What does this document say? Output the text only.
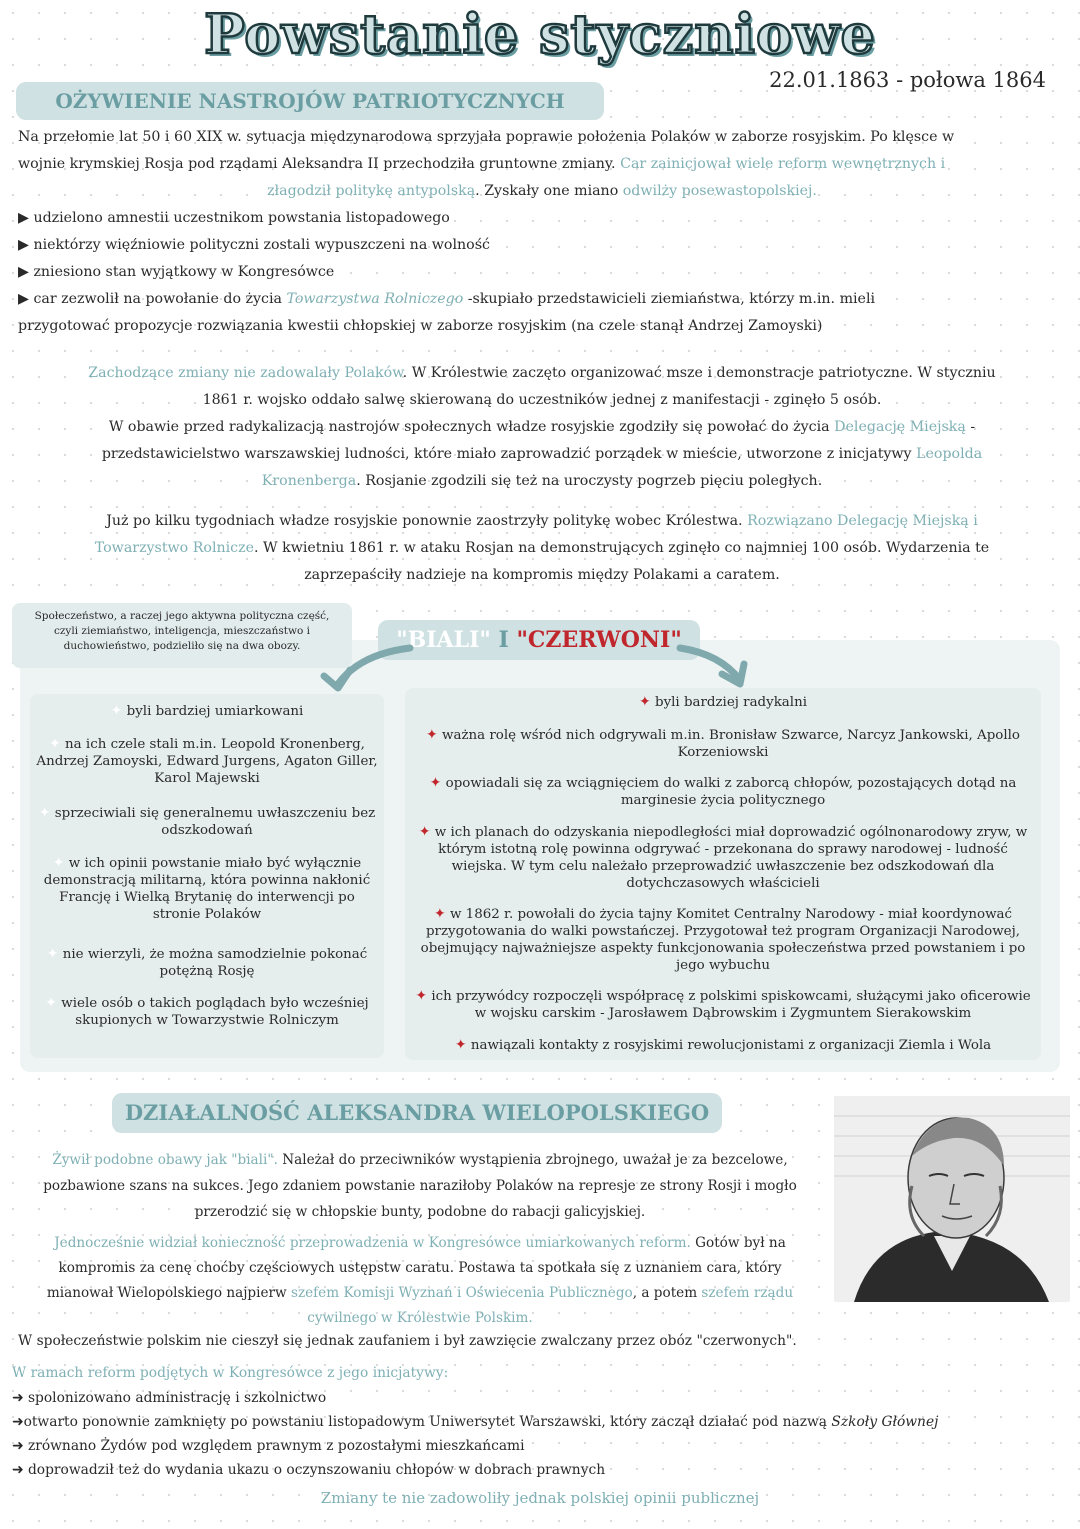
Powstanie styczniowe
22.01.1863 - połowa 1864
OŻYWIENIE NASTROJÓW PATRIOTYCZNYCH
Na przełomie lat 50 i 60 XIX w. sytuacja międzynarodowa sprzyjała poprawie położenia Polaków w zaborze rosyjskim. Po klęsce w
wojnie krymskiej Rosja pod rządami Aleksandra II przechodziła gruntowne zmiany. Car zainicjował wiele reform wewnętrznych i
złagodził politykę antypolską. Zyskały one miano odwilży posewastopolskiej.
▶ udzielono amnestii uczestnikom powstania listopadowego
▶ niektórzy więźniowie polityczni zostali wypuszczeni na wolność
▶ zniesiono stan wyjątkowy w Kongresówce
▶ car zezwolił na powołanie do życia Towarzystwa Rolniczego -skupiało przedstawicieli ziemiaństwa, którzy m.in. mieli
przygotować propozycje rozwiązania kwestii chłopskiej w zaborze rosyjskim (na czele stanął Andrzej Zamoyski)
Zachodzące zmiany nie zadowalały Polaków. W Królestwie zaczęto organizować msze i demonstracje patriotyczne. W styczniu
1861 r. wojsko oddało salwę skierowaną do uczestników jednej z manifestacji - zginęło 5 osób.
W obawie przed radykalizacją nastrojów społecznych władze rosyjskie zgodziły się powołać do życia Delegację Miejską -
przedstawicielstwo warszawskiej ludności, które miało zaprowadzić porządek w mieście, utworzone z inicjatywy Leopolda
Kronenberga. Rosjanie zgodzili się też na uroczysty pogrzeb pięciu poległych.
Już po kilku tygodniach władze rosyjskie ponownie zaostrzyły politykę wobec Królestwa. Rozwiązano Delegację Miejską i
Towarzystwo Rolnicze. W kwietniu 1861 r. w ataku Rosjan na demonstrujących zginęło co najmniej 100 osób. Wydarzenia te
zaprzepaściły nadzieje na kompromis między Polakami a caratem.
Społeczeństwo, a raczej jego aktywna polityczna część,
czyli ziemiaństwo, inteligencja, mieszczaństwo i
duchowieństwo, podzieliło się na dwa obozy.	"BIALI" I "CZERWONI"
✦ byli bardziej umiarkowani
✦ na ich czele stali m.in. Leopold Kronenberg, Andrzej Zamoyski, Edward Jurgens, Agaton Giller, Karol Majewski
✦ sprzeciwiali się generalnemu uwłaszczeniu bez odszkodowań
✦ w ich opinii powstanie miało być wyłącznie demonstracją militarną, która powinna nakłonić Francję i Wielką Brytanię do interwencji po stronie Polaków
✦ nie wierzyli, że można samodzielnie pokonać potężną Rosję
✦ wiele osób o takich poglądach było wcześniej skupionych w Towarzystwie Rolniczym
✦ byli bardziej radykalni
✦ ważna rolę wśród nich odgrywali m.in. Bronisław Szwarce, Narcyz Jankowski, Apollo Korzeniowski
✦ opowiadali się za wciągnięciem do walki z zaborcą chłopów, pozostających dotąd na marginesie życia politycznego
✦ w ich planach do odzyskania niepodległości miał doprowadzić ogólnonarodowy zryw, w którym istotną rolę powinna odgrywać - przekonana do sprawy narodowej - ludność wiejska. W tym celu należało przeprowadzić uwłaszczenie bez odszkodowań dla dotychczasowych właścicieli
✦ w 1862 r. powołali do życia tajny Komitet Centralny Narodowy - miał koordynować przygotowania do walki powstańczej. Przygotował też program Organizacji Narodowej, obejmujący najważniejsze aspekty funkcjonowania społeczeństwa przed powstaniem i po jego wybuchu
✦ ich przywódcy rozpoczęli współpracę z polskimi spiskowcami, służącymi jako oficerowie w wojsku carskim - Jarosławem Dąbrowskim i Zygmuntem Sierakowskim
✦ nawiązali kontakty z rosyjskimi rewolucjonistami z organizacji Ziemla i Wola
DZIAŁALNOŚĆ ALEKSANDRA WIELOPOLSKIEGO
Żywił podobne obawy jak "biali". Należał do przeciwników wystąpienia zbrojnego, uważał je za bezcelowe,
pozbawione szans na sukces. Jego zdaniem powstanie naraziłoby Polaków na represje ze strony Rosji i mogło
przerodzić się w chłopskie bunty, podobne do rabacji galicyjskiej.
Jednocześnie widział konieczność przeprowadzenia w Kongresówce umiarkowanych reform. Gotów był na
kompromis za cenę choćby częściowych ustępstw caratu. Postawa ta spotkała się z uznaniem cara, który
mianował Wielopolskiego najpierw szefem Komisji Wyznań i Oświecenia Publicznego, a potem szefem rządu
cywilnego w Królestwie Polskim.
W społeczeństwie polskim nie cieszył się jednak zaufaniem i był zawzięcie zwalczany przez obóz "czerwonych".
W ramach reform podjętych w Kongresówce z jego inicjatywy:
➜ spolonizowano administrację i szkolnictwo
➜otwarto ponownie zamknięty po powstaniu listopadowym Uniwersytet Warszawski, który zaczął działać pod nazwą Szkoły Głównej
➜ zrównano Żydów pod względem prawnym z pozostałymi mieszkańcami
➜ doprowadził też do wydania ukazu o oczynszowaniu chłopów w dobrach prawnych
Zmiany te nie zadowoliły jednak polskiej opinii publicznej
